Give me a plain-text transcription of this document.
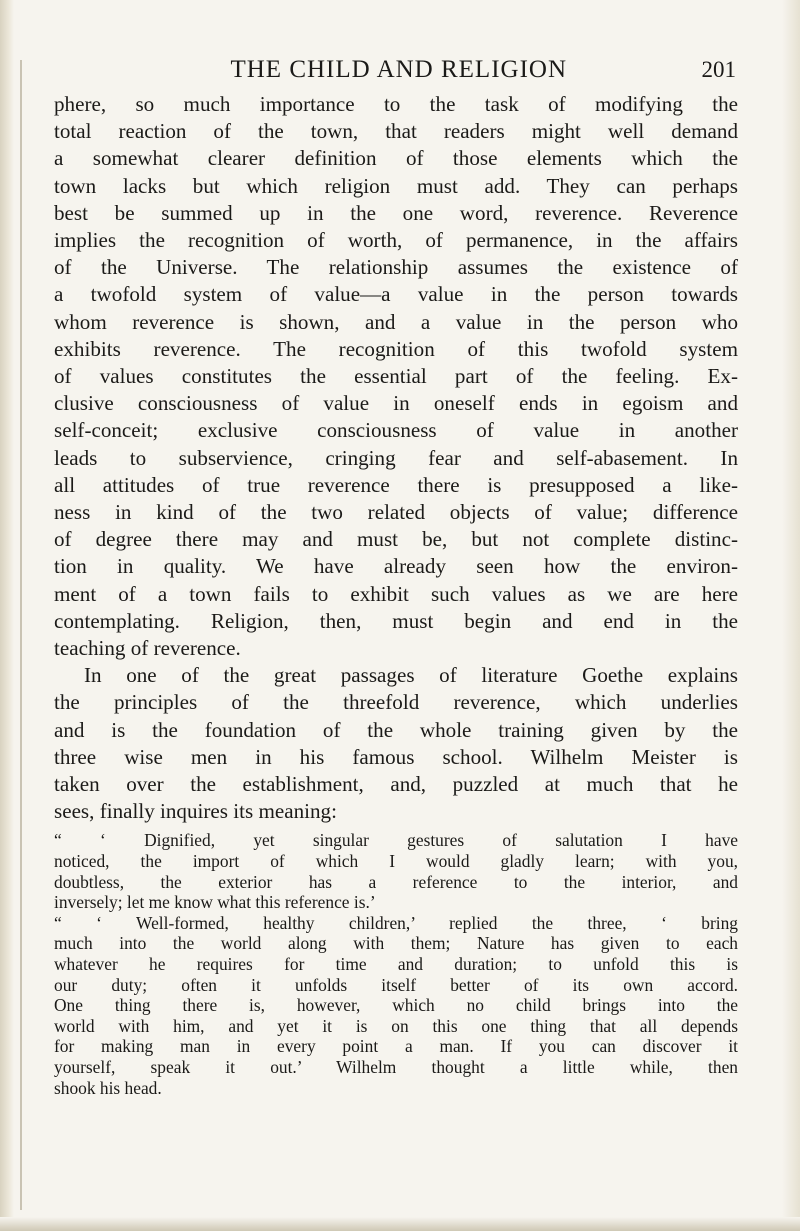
THE CHILD AND RELIGION	201
phere, so much importance to the task of modifying the
total reaction of the town, that readers might well demand
a somewhat clearer definition of those elements which the
town lacks but which religion must add. They can perhaps
best be summed up in the one word, reverence. Reverence
implies the recognition of worth, of permanence, in the affairs
of the Universe. The relationship assumes the existence of
a twofold system of value—a value in the person towards
whom reverence is shown, and a value in the person who
exhibits reverence. The recognition of this twofold system
of values constitutes the essential part of the feeling. Ex-
clusive consciousness of value in oneself ends in egoism and
self-conceit; exclusive consciousness of value in another
leads to subservience, cringing fear and self-abasement. In
all attitudes of true reverence there is presupposed a like-
ness in kind of the two related objects of value; difference
of degree there may and must be, but not complete distinc-
tion in quality. We have already seen how the environ-
ment of a town fails to exhibit such values as we are here
contemplating. Religion, then, must begin and end in the
teaching of reverence.
In one of the great passages of literature Goethe explains
the principles of the threefold reverence, which underlies
and is the foundation of the whole training given by the
three wise men in his famous school. Wilhelm Meister is
taken over the establishment, and, puzzled at much that he
sees, finally inquires its meaning:
“ ‘ Dignified, yet singular gestures of salutation I have
noticed, the import of which I would gladly learn; with you,
doubtless, the exterior has a reference to the interior, and
inversely; let me know what this reference is.’
“ ‘ Well-formed, healthy children,’ replied the three, ‘ bring
much into the world along with them; Nature has given to each
whatever he requires for time and duration; to unfold this is
our duty; often it unfolds itself better of its own accord.
One thing there is, however, which no child brings into the
world with him, and yet it is on this one thing that all depends
for making man in every point a man. If you can discover it
yourself, speak it out.’ Wilhelm thought a little while, then
shook his head.
